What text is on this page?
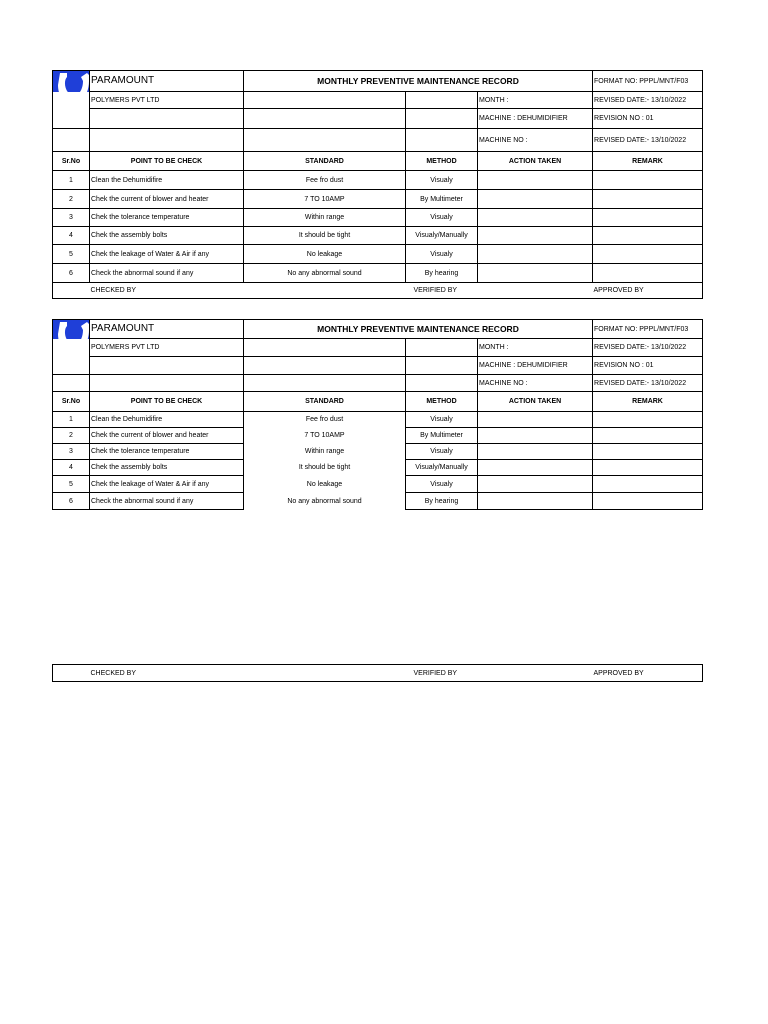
	PARAMOUNT	MONTHLY PREVENTIVE MAINTENANCE RECORD			FORMAT NO: PPPL/MNT/F03
	POLYMERS PVT LTD			MONTH :	REVISED DATE:- 13/10/2022
				MACHINE : DEHUMIDIFIER	REVISION NO : 01
				MACHINE NO :	REVISED DATE:- 13/10/2022
Sr.No	POINT TO BE CHECK	STANDARD	METHOD	ACTION TAKEN	REMARK
1	Clean the Dehumidifire	Fee fro dust	Visualy		
2	Chek the current of blower and heater	7 TO 10AMP	By Multimeter		
3	Chek the tolerance temperature	Within range	Visualy		
4	Chek the assembly bolts	It should be tight	Visualy/Manually		
5	Chek the leakage of Water & Air if any	No leakage	Visualy		
6	Check the abnormal sound if any	No any abnormal sound	By hearing		
	CHECKED BY		VERIFIED BY		APPROVED BY
	PARAMOUNT	MONTHLY PREVENTIVE MAINTENANCE RECORD			FORMAT NO: PPPL/MNT/F03
	POLYMERS PVT LTD			MONTH :	REVISED DATE:- 13/10/2022
				MACHINE : DEHUMIDIFIER	REVISION NO : 01
				MACHINE NO :	REVISED DATE:- 13/10/2022
Sr.No	POINT TO BE CHECK	STANDARD	METHOD	ACTION TAKEN	REMARK
1	Clean the Dehumidifire	Fee fro dust	Visualy		
2	Chek the current of blower and heater	7 TO 10AMP	By Multimeter		
3	Chek the tolerance temperature	Within range	Visualy		
4	Chek the assembly bolts	It should be tight	Visualy/Manually		
5	Chek the leakage of Water & Air if any	No leakage	Visualy		
6	Check the abnormal sound if any	No any abnormal sound	By hearing		
	CHECKED BY		VERIFIED BY		APPROVED BY
